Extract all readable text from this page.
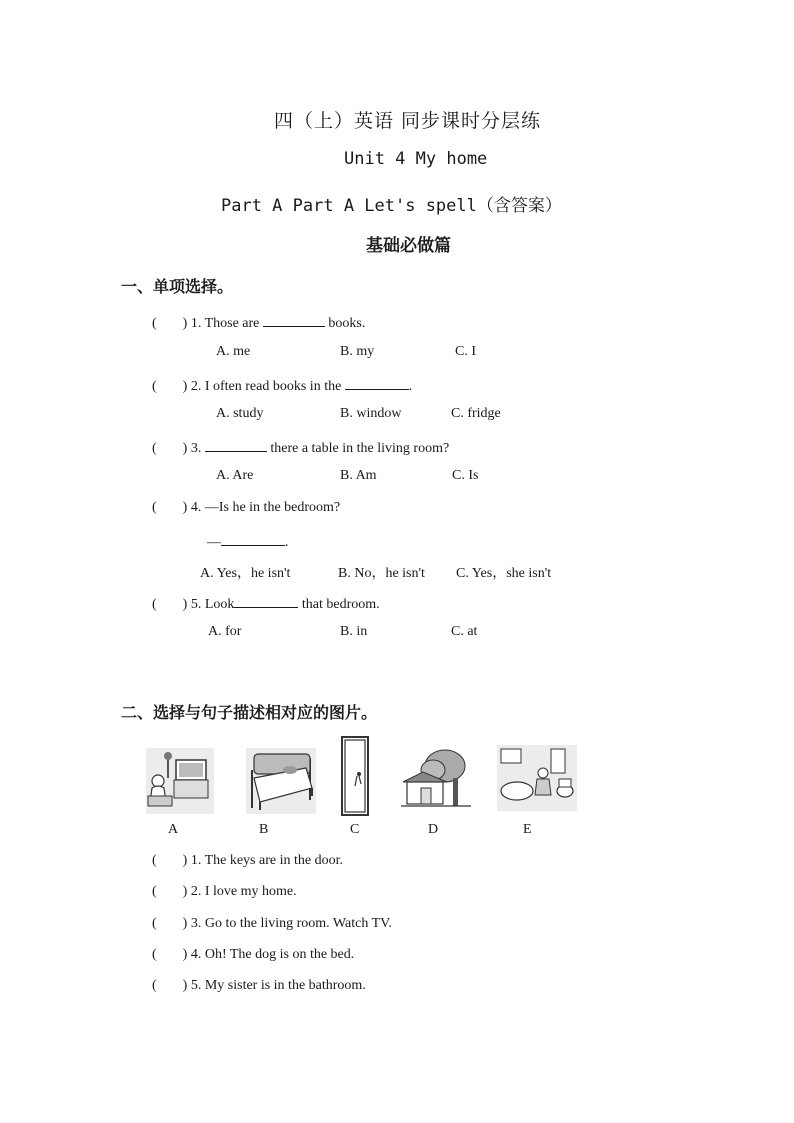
四（上）英语 同步课时分层练
Unit 4 My home
Part A Part A Let's spell（含答案）
基础必做篇
一、单项选择。
( ) 1. Those are	books.
A. me	B. my	C. I
( ) 2. I often read books in the	.
A. study	B. window	C. fridge
( ) 3.	there a table in the living room?
A. Are	B. Am	C. Is
( ) 4. —Is he in the bedroom?
—	.
A. Yes，he isn't	B. No，he isn't C. Yes，she isn't
( ) 5. Look	that bedroom.
A. for	B. in	C. at
二、选择与句子描述相对应的图片。
A	B	C	D	E
( ) 1. The keys are in the door.
( ) 2. I love my home.
( ) 3. Go to the living room. Watch TV.
( ) 4. Oh! The dog is on the bed.
( ) 5. My sister is in the bathroom.
